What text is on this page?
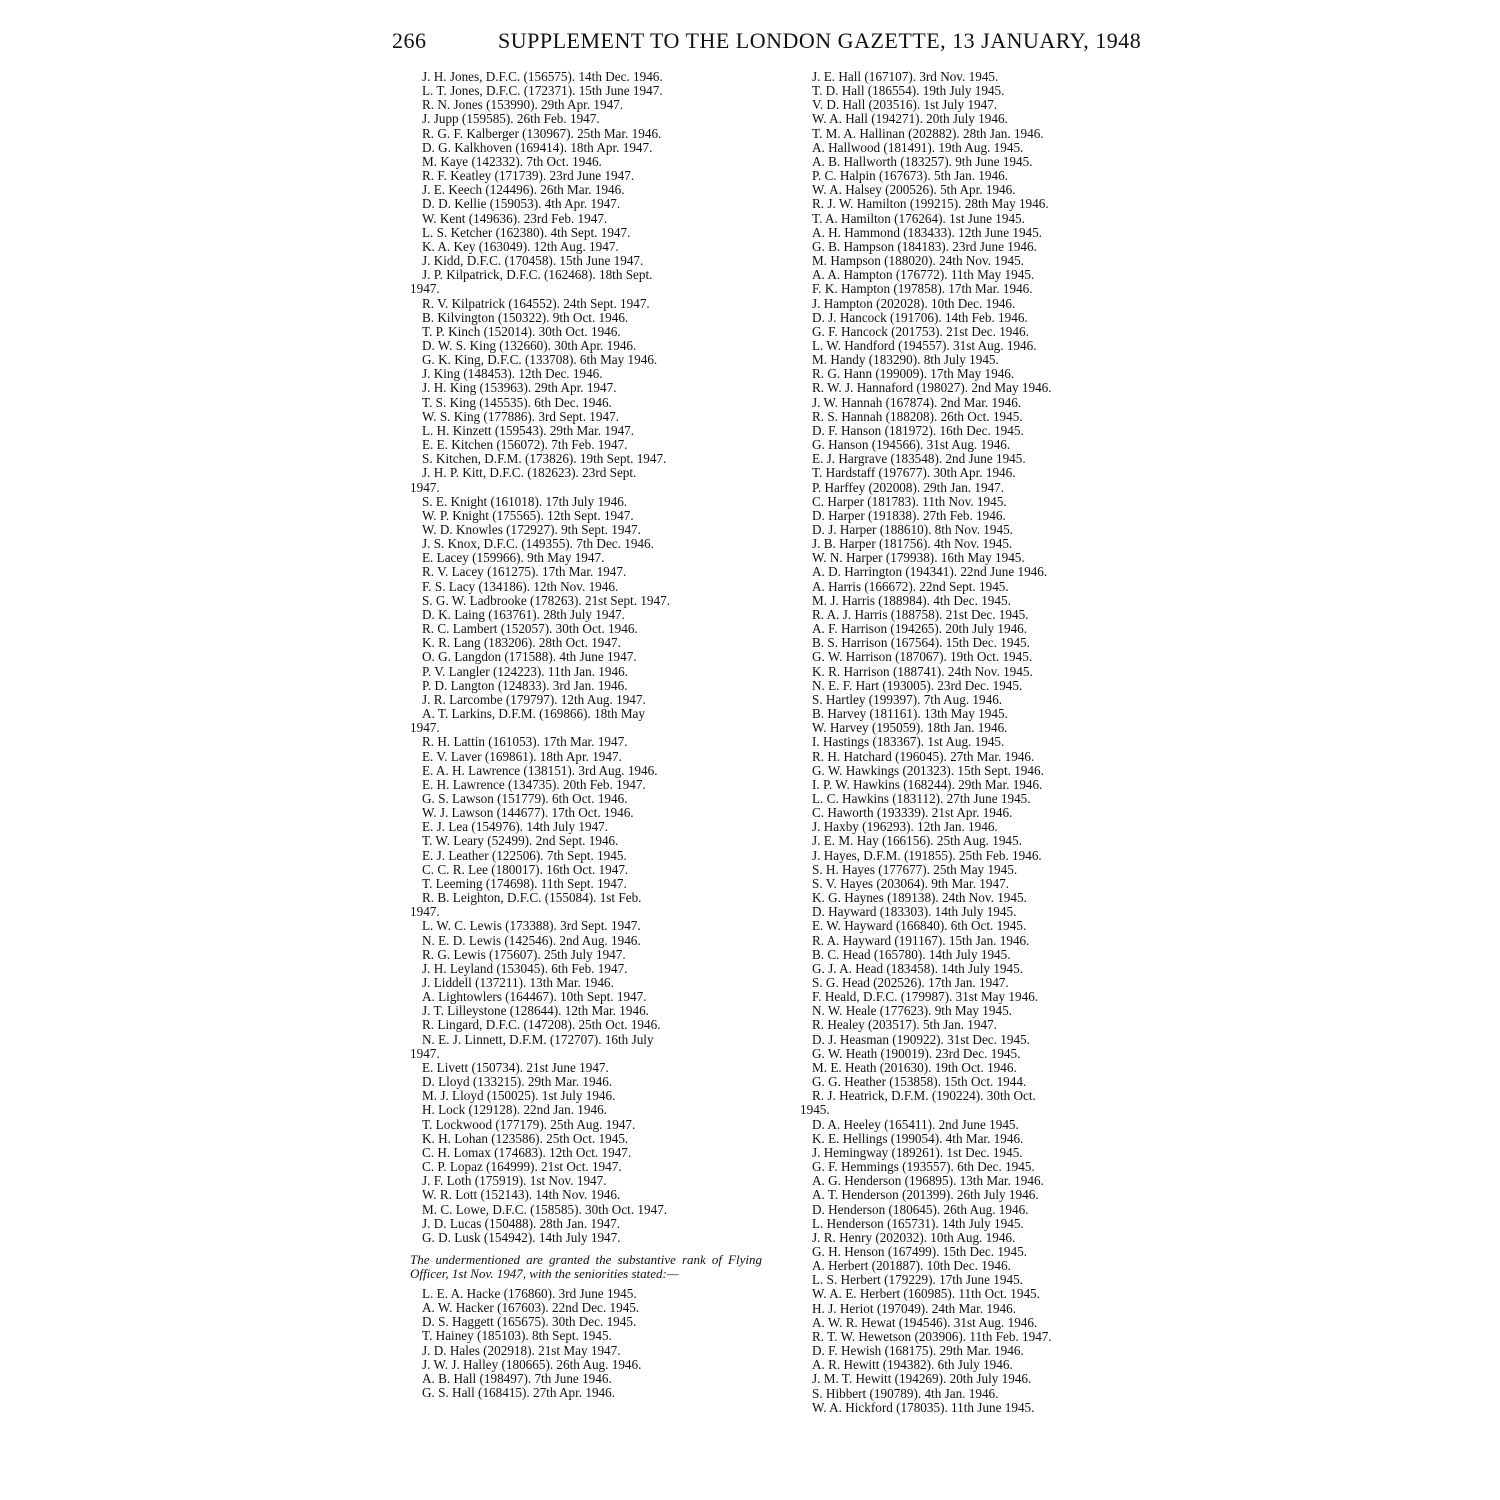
266	SUPPLEMENT TO THE LONDON GAZETTE, 13 JANUARY, 1948
J. H. Jones, D.F.C. (156575). 14th Dec. 1946.
L. T. Jones, D.F.C. (172371). 15th June 1947.
R. N. Jones (153990). 29th Apr. 1947.
J. Jupp (159585). 26th Feb. 1947.
R. G. F. Kalberger (130967). 25th Mar. 1946.
D. G. Kalkhoven (169414). 18th Apr. 1947.
M. Kaye (142332). 7th Oct. 1946.
R. F. Keatley (171739). 23rd June 1947.
J. E. Keech (124496). 26th Mar. 1946.
D. D. Kellie (159053). 4th Apr. 1947.
W. Kent (149636). 23rd Feb. 1947.
L. S. Ketcher (162380). 4th Sept. 1947.
K. A. Key (163049). 12th Aug. 1947.
J. Kidd, D.F.C. (170458). 15th June 1947.
J. P. Kilpatrick, D.F.C. (162468). 18th Sept.
1947.
R. V. Kilpatrick (164552). 24th Sept. 1947.
B. Kilvington (150322). 9th Oct. 1946.
T. P. Kinch (152014). 30th Oct. 1946.
D. W. S. King (132660). 30th Apr. 1946.
G. K. King, D.F.C. (133708). 6th May 1946.
J. King (148453). 12th Dec. 1946.
J. H. King (153963). 29th Apr. 1947.
T. S. King (145535). 6th Dec. 1946.
W. S. King (177886). 3rd Sept. 1947.
L. H. Kinzett (159543). 29th Mar. 1947.
E. E. Kitchen (156072). 7th Feb. 1947.
S. Kitchen, D.F.M. (173826). 19th Sept. 1947.
J. H. P. Kitt, D.F.C. (182623). 23rd Sept.
1947.
S. E. Knight (161018). 17th July 1946.
W. P. Knight (175565). 12th Sept. 1947.
W. D. Knowles (172927). 9th Sept. 1947.
J. S. Knox, D.F.C. (149355). 7th Dec. 1946.
E. Lacey (159966). 9th May 1947.
R. V. Lacey (161275). 17th Mar. 1947.
F. S. Lacy (134186). 12th Nov. 1946.
S. G. W. Ladbrooke (178263). 21st Sept. 1947.
D. K. Laing (163761). 28th July 1947.
R. C. Lambert (152057). 30th Oct. 1946.
K. R. Lang (183206). 28th Oct. 1947.
O. G. Langdon (171588). 4th June 1947.
P. V. Langler (124223). 11th Jan. 1946.
P. D. Langton (124833). 3rd Jan. 1946.
J. R. Larcombe (179797). 12th Aug. 1947.
A. T. Larkins, D.F.M. (169866). 18th May
1947.
R. H. Lattin (161053). 17th Mar. 1947.
E. V. Laver (169861). 18th Apr. 1947.
E. A. H. Lawrence (138151). 3rd Aug. 1946.
E. H. Lawrence (134735). 20th Feb. 1947.
G. S. Lawson (151779). 6th Oct. 1946.
W. J. Lawson (144677). 17th Oct. 1946.
E. J. Lea (154976). 14th July 1947.
T. W. Leary (52499). 2nd Sept. 1946.
E. J. Leather (122506). 7th Sept. 1945.
C. C. R. Lee (180017). 16th Oct. 1947.
T. Leeming (174698). 11th Sept. 1947.
R. B. Leighton, D.F.C. (155084). 1st Feb.
1947.
L. W. C. Lewis (173388). 3rd Sept. 1947.
N. E. D. Lewis (142546). 2nd Aug. 1946.
R. G. Lewis (175607). 25th July 1947.
J. H. Leyland (153045). 6th Feb. 1947.
J. Liddell (137211). 13th Mar. 1946.
A. Lightowlers (164467). 10th Sept. 1947.
J. T. Lilleystone (128644). 12th Mar. 1946.
R. Lingard, D.F.C. (147208). 25th Oct. 1946.
N. E. J. Linnett, D.F.M. (172707). 16th July
1947.
E. Livett (150734). 21st June 1947.
D. Lloyd (133215). 29th Mar. 1946.
M. J. Lloyd (150025). 1st July 1946.
H. Lock (129128). 22nd Jan. 1946.
T. Lockwood (177179). 25th Aug. 1947.
K. H. Lohan (123586). 25th Oct. 1945.
C. H. Lomax (174683). 12th Oct. 1947.
C. P. Lopaz (164999). 21st Oct. 1947.
J. F. Loth (175919). 1st Nov. 1947.
W. R. Lott (152143). 14th Nov. 1946.
M. C. Lowe, D.F.C. (158585). 30th Oct. 1947.
J. D. Lucas (150488). 28th Jan. 1947.
G. D. Lusk (154942). 14th July 1947.
The undermentioned are granted the substantive rank of Flying Officer, 1st Nov. 1947, with the seniorities stated:—
L. E. A. Hacke (176860). 3rd June 1945.
A. W. Hacker (167603). 22nd Dec. 1945.
D. S. Haggett (165675). 30th Dec. 1945.
T. Hainey (185103). 8th Sept. 1945.
J. D. Hales (202918). 21st May 1947.
J. W. J. Halley (180665). 26th Aug. 1946.
A. B. Hall (198497). 7th June 1946.
G. S. Hall (168415). 27th Apr. 1946.
J. E. Hall (167107). 3rd Nov. 1945.
T. D. Hall (186554). 19th July 1945.
V. D. Hall (203516). 1st July 1947.
W. A. Hall (194271). 20th July 1946.
T. M. A. Hallinan (202882). 28th Jan. 1946.
A. Hallwood (181491). 19th Aug. 1945.
A. B. Hallworth (183257). 9th June 1945.
P. C. Halpin (167673). 5th Jan. 1946.
W. A. Halsey (200526). 5th Apr. 1946.
R. J. W. Hamilton (199215). 28th May 1946.
T. A. Hamilton (176264). 1st June 1945.
A. H. Hammond (183433). 12th June 1945.
G. B. Hampson (184183). 23rd June 1946.
M. Hampson (188020). 24th Nov. 1945.
A. A. Hampton (176772). 11th May 1945.
F. K. Hampton (197858). 17th Mar. 1946.
J. Hampton (202028). 10th Dec. 1946.
D. J. Hancock (191706). 14th Feb. 1946.
G. F. Hancock (201753). 21st Dec. 1946.
L. W. Handford (194557). 31st Aug. 1946.
M. Handy (183290). 8th July 1945.
R. G. Hann (199009). 17th May 1946.
R. W. J. Hannaford (198027). 2nd May 1946.
J. W. Hannah (167874). 2nd Mar. 1946.
R. S. Hannah (188208). 26th Oct. 1945.
D. F. Hanson (181972). 16th Dec. 1945.
G. Hanson (194566). 31st Aug. 1946.
E. J. Hargrave (183548). 2nd June 1945.
T. Hardstaff (197677). 30th Apr. 1946.
P. Harffey (202008). 29th Jan. 1947.
C. Harper (181783). 11th Nov. 1945.
D. Harper (191838). 27th Feb. 1946.
D. J. Harper (188610). 8th Nov. 1945.
J. B. Harper (181756). 4th Nov. 1945.
W. N. Harper (179938). 16th May 1945.
A. D. Harrington (194341). 22nd June 1946.
A. Harris (166672). 22nd Sept. 1945.
M. J. Harris (188984). 4th Dec. 1945.
R. A. J. Harris (188758). 21st Dec. 1945.
A. F. Harrison (194265). 20th July 1946.
B. S. Harrison (167564). 15th Dec. 1945.
G. W. Harrison (187067). 19th Oct. 1945.
K. R. Harrison (188741). 24th Nov. 1945.
N. E. F. Hart (193005). 23rd Dec. 1945.
S. Hartley (199397). 7th Aug. 1946.
B. Harvey (181161). 13th May 1945.
W. Harvey (195059). 18th Jan. 1946.
I. Hastings (183367). 1st Aug. 1945.
R. H. Hatchard (196045). 27th Mar. 1946.
G. W. Hawkings (201323). 15th Sept. 1946.
I. P. W. Hawkins (168244). 29th Mar. 1946.
L. C. Hawkins (183112). 27th June 1945.
C. Haworth (193339). 21st Apr. 1946.
J. Haxby (196293). 12th Jan. 1946.
J. E. M. Hay (166156). 25th Aug. 1945.
J. Hayes, D.F.M. (191855). 25th Feb. 1946.
S. H. Hayes (177677). 25th May 1945.
S. V. Hayes (203064). 9th Mar. 1947.
K. G. Haynes (189138). 24th Nov. 1945.
D. Hayward (183303). 14th July 1945.
E. W. Hayward (166840). 6th Oct. 1945.
R. A. Hayward (191167). 15th Jan. 1946.
B. C. Head (165780). 14th July 1945.
G. J. A. Head (183458). 14th July 1945.
S. G. Head (202526). 17th Jan. 1947.
F. Heald, D.F.C. (179987). 31st May 1946.
N. W. Heale (177623). 9th May 1945.
R. Healey (203517). 5th Jan. 1947.
D. J. Heasman (190922). 31st Dec. 1945.
G. W. Heath (190019). 23rd Dec. 1945.
M. E. Heath (201630). 19th Oct. 1946.
G. G. Heather (153858). 15th Oct. 1944.
R. J. Heatrick, D.F.M. (190224). 30th Oct.
1945.
D. A. Heeley (165411). 2nd June 1945.
K. E. Hellings (199054). 4th Mar. 1946.
J. Hemingway (189261). 1st Dec. 1945.
G. F. Hemmings (193557). 6th Dec. 1945.
A. G. Henderson (196895). 13th Mar. 1946.
A. T. Henderson (201399). 26th July 1946.
D. Henderson (180645). 26th Aug. 1946.
L. Henderson (165731). 14th July 1945.
J. R. Henry (202032). 10th Aug. 1946.
G. H. Henson (167499). 15th Dec. 1945.
A. Herbert (201887). 10th Dec. 1946.
L. S. Herbert (179229). 17th June 1945.
W. A. E. Herbert (160985). 11th Oct. 1945.
H. J. Heriot (197049). 24th Mar. 1946.
A. W. R. Hewat (194546). 31st Aug. 1946.
R. T. W. Hewetson (203906). 11th Feb. 1947.
D. F. Hewish (168175). 29th Mar. 1946.
A. R. Hewitt (194382). 6th July 1946.
J. M. T. Hewitt (194269). 20th July 1946.
S. Hibbert (190789). 4th Jan. 1946.
W. A. Hickford (178035). 11th June 1945.
